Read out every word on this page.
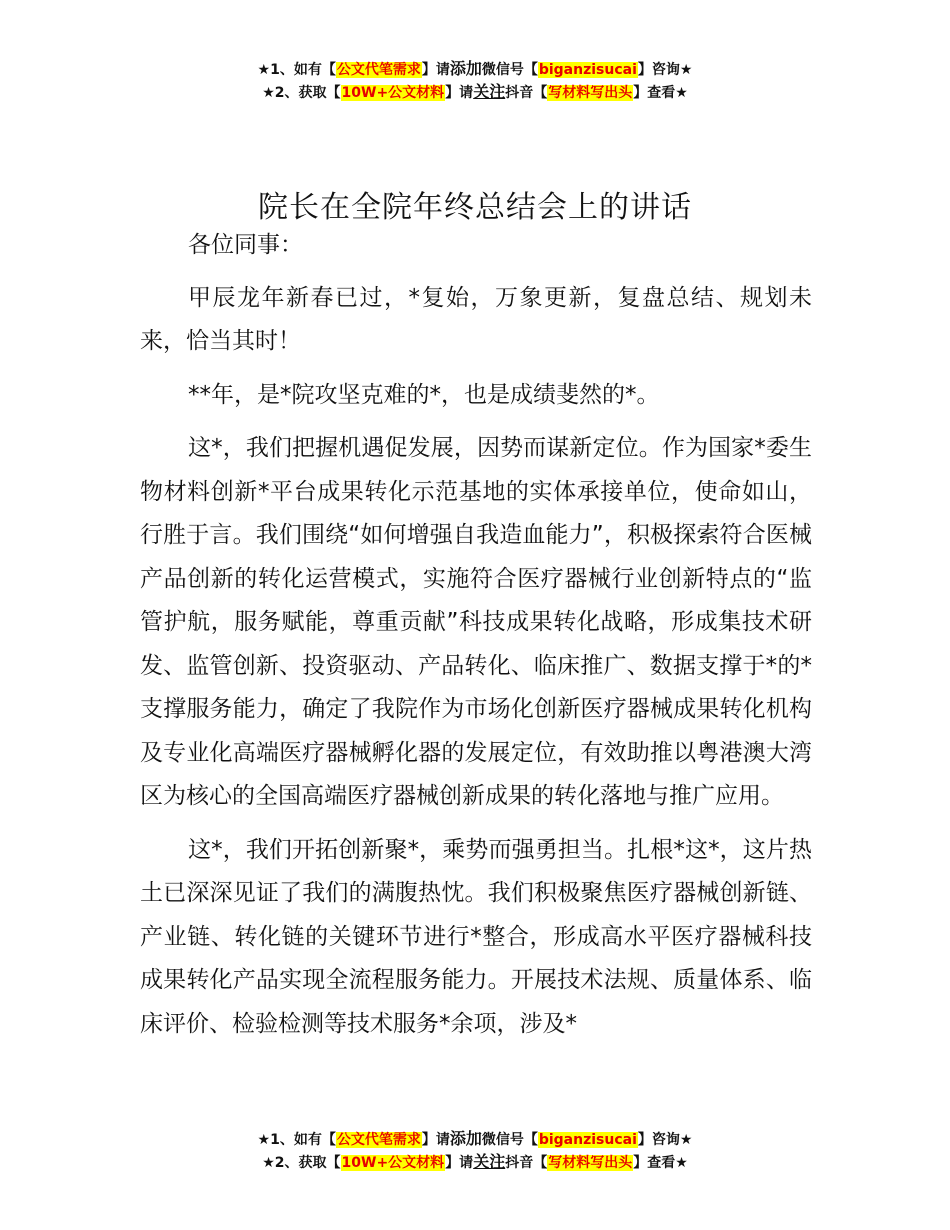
★1、如有【公文代笔需求】请添加微信号【biganzisucai】咨询★
★2、获取【10W+公文材料】请关注抖音【写材料写出头】查看★
院长在全院年终总结会上的讲话

各位同事：

甲辰龙年新春已过，*复始，万象更新，复盘总结、规划未来，恰当其时！

**年，是*院攻坚克难的*，也是成绩斐然的*。

这*，我们把握机遇促发展，因势而谋新定位。作为国家*委生物材料创新*平台成果转化示范基地的实体承接单位，使命如山，行胜于言。我们围绕“如何增强自我造血能力”，积极探索符合医械产品创新的转化运营模式，实施符合医疗器械行业创新特点的“监管护航，服务赋能，尊重贡献”科技成果转化战略，形成集技术研发、监管创新、投资驱动、产品转化、临床推广、数据支撑于*的*支撑服务能力，确定了我院作为市场化创新医疗器械成果转化机构及专业化高端医疗器械孵化器的发展定位，有效助推以粤港澳大湾区为核心的全国高端医疗器械创新成果的转化落地与推广应用。

这*，我们开拓创新聚*，乘势而强勇担当。扎根*这*，这片热土已深深见证了我们的满腹热忱。我们积极聚焦医疗器械创新链、产业链、转化链的关键环节进行*整合，形成高水平医疗器械科技成果转化产品实现全流程服务能力。开展技术法规、质量体系、临床评价、检验检测等技术服务*余项，涉及*

★1、如有【公文代笔需求】请添加微信号【biganzisucai】咨询★
★2、获取【10W+公文材料】请关注抖音【写材料写出头】查看★
